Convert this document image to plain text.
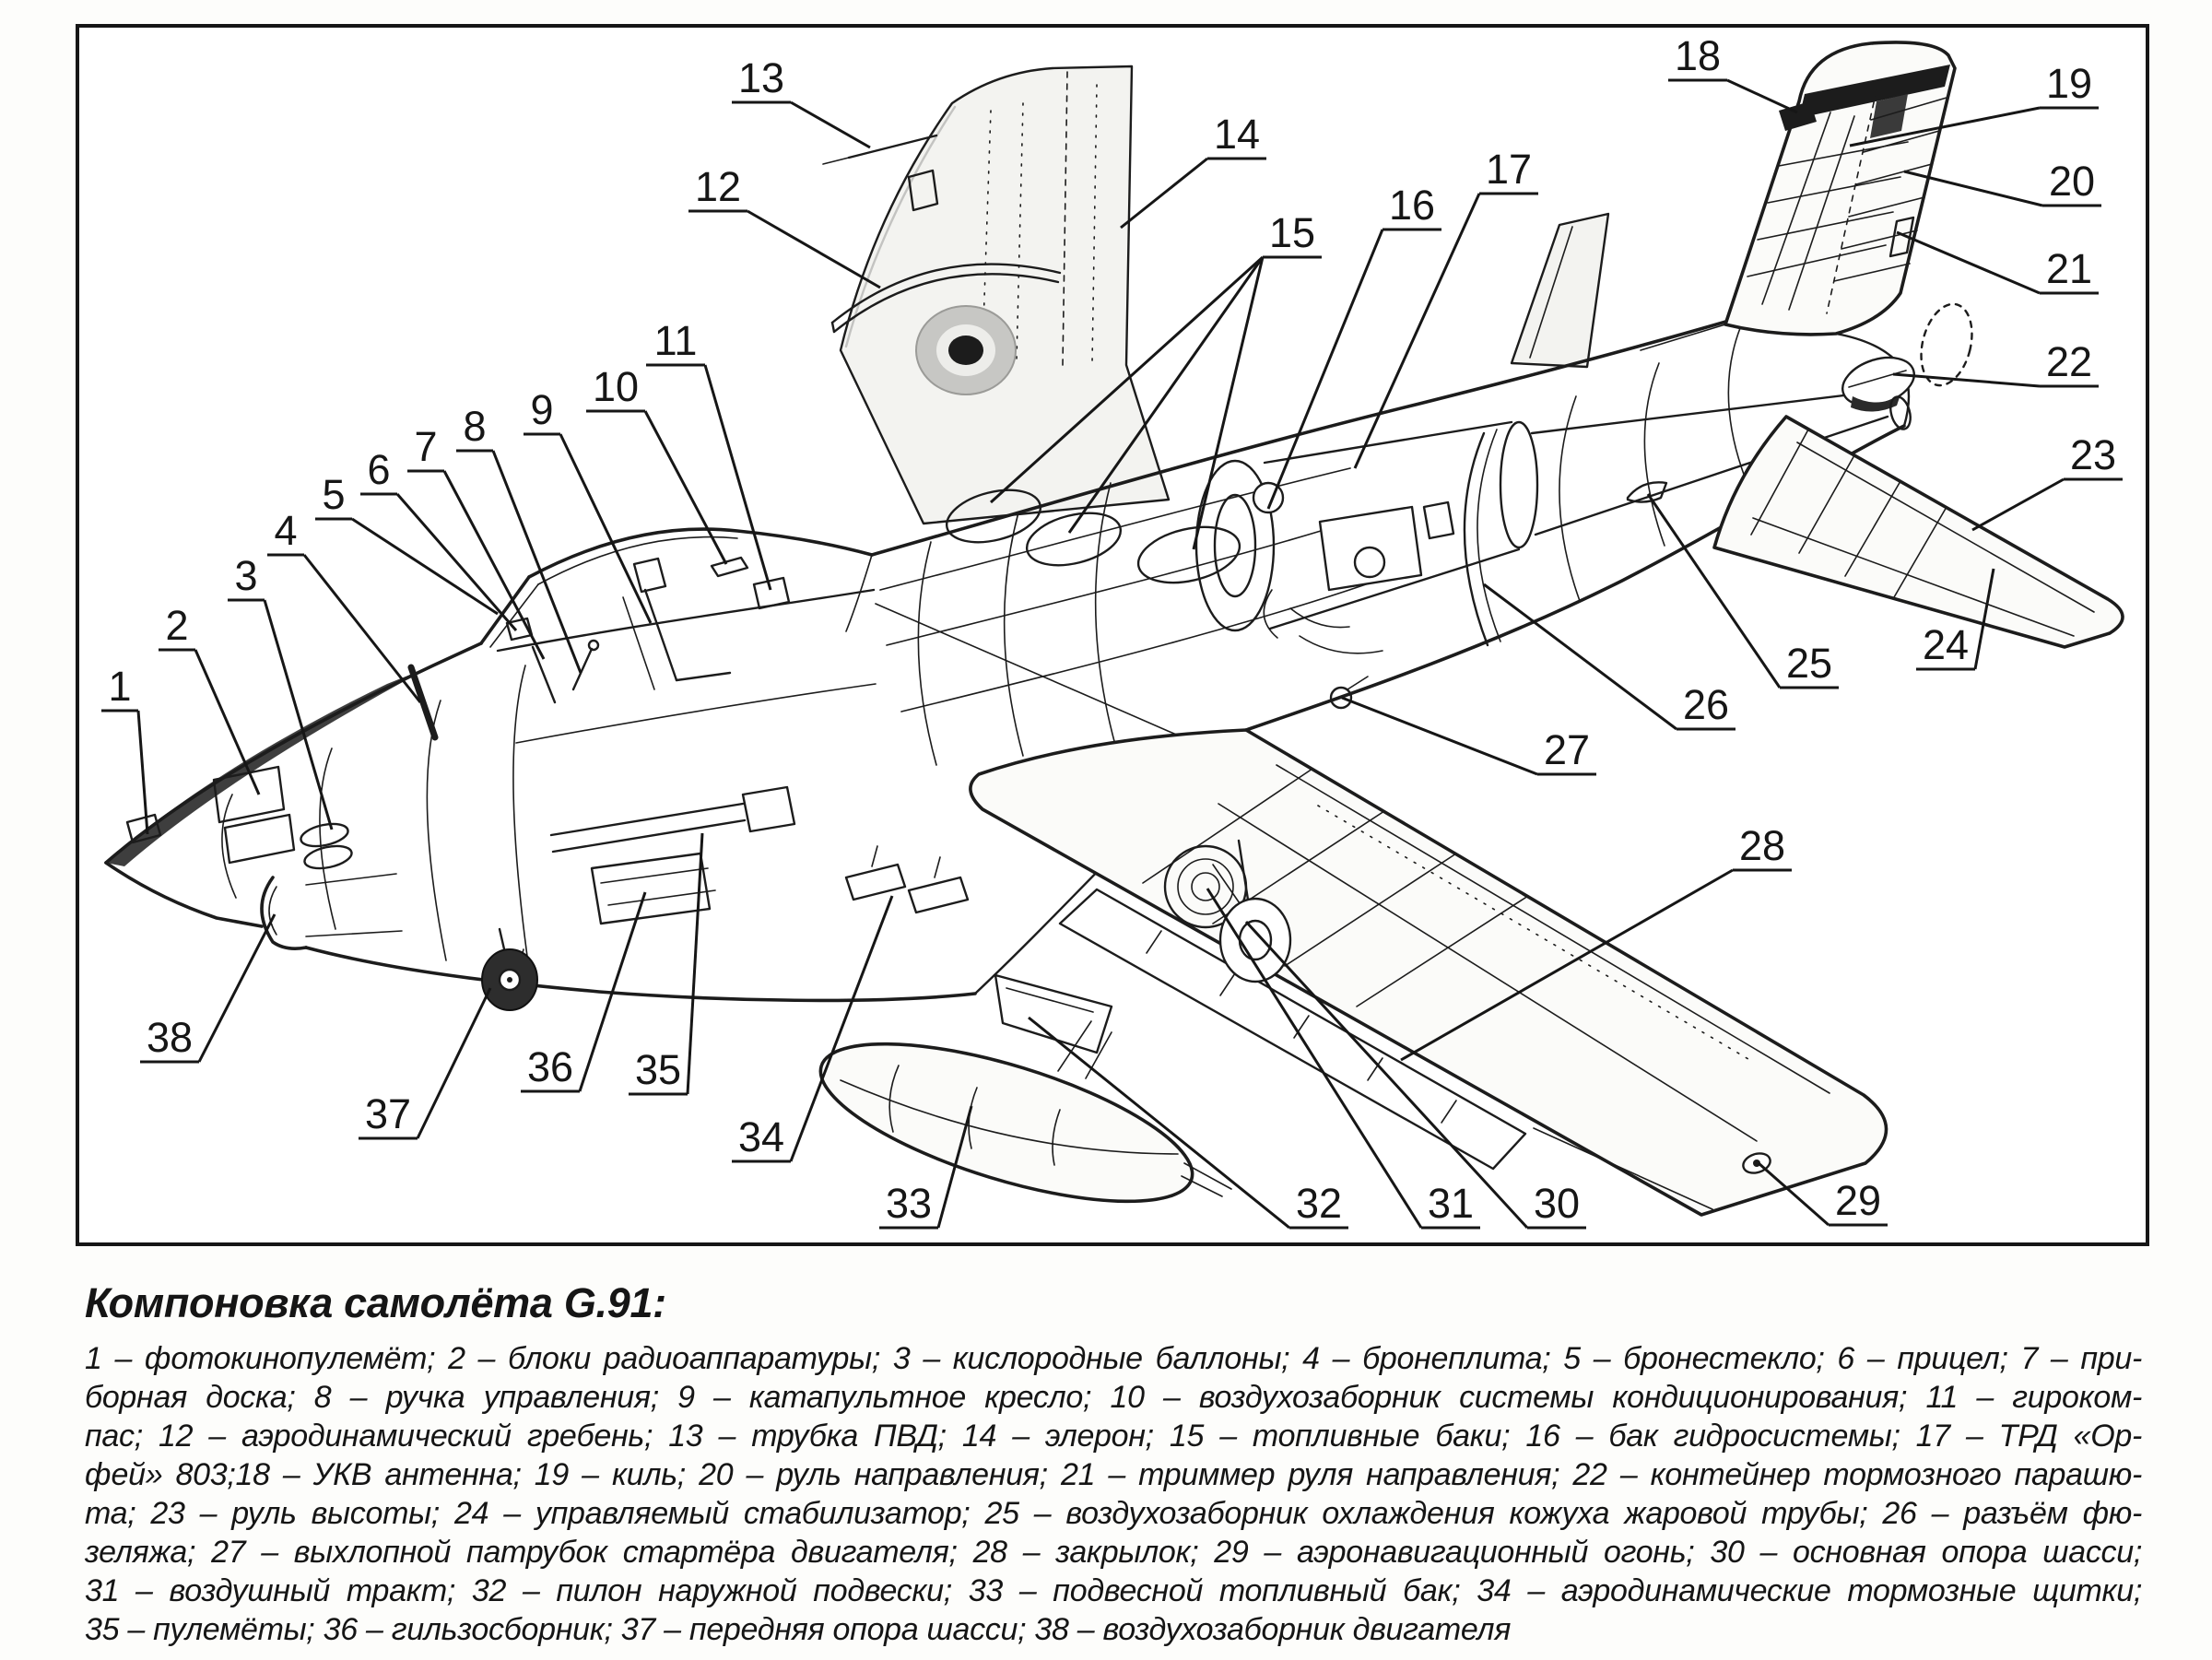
1
2
3
4
5
6 7 8 9 10
11
12
13
14
15
16
17
18
19
20
21
22
23
24
25
26
27
28
29
30
31
32
33
34
35
36
37
38

Компоновка самолёта G.91:

1 – фотокинопулемёт; 2 – блоки радиоаппаратуры; 3 – кислородные баллоны; 4 – бронеплита; 5 – бронестекло; 6 – прицел; 7 – при-
борная доска; 8 – ручка управления; 9 – катапультное кресло; 10 – воздухозаборник системы кондиционирования; 11 – гироком-
пас; 12 – аэродинамический гребень; 13 – трубка ПВД; 14 – элерон; 15 – топливные баки; 16 – бак гидросистемы; 17 – ТРД «Ор-
фей» 803;18 – УКВ антенна; 19 – киль; 20 – руль направления; 21 – триммер руля направления; 22 – контейнер тормозного парашю-
та; 23 – руль высоты; 24 – управляемый стабилизатор; 25 – воздухозаборник охлаждения кожуха жаровой трубы; 26 – разъём фю-
зеляжа; 27 – выхлопной патрубок стартёра двигателя; 28 – закрылок; 29 – аэронавигационный огонь; 30 – основная опора шасси;
31 – воздушный тракт; 32 – пилон наружной подвески; 33 – подвесной топливный бак; 34 – аэродинамические тормозные щитки;
35 – пулемёты; 36 – гильзосборник; 37 – передняя опора шасси; 38 – воздухозаборник двигателя
